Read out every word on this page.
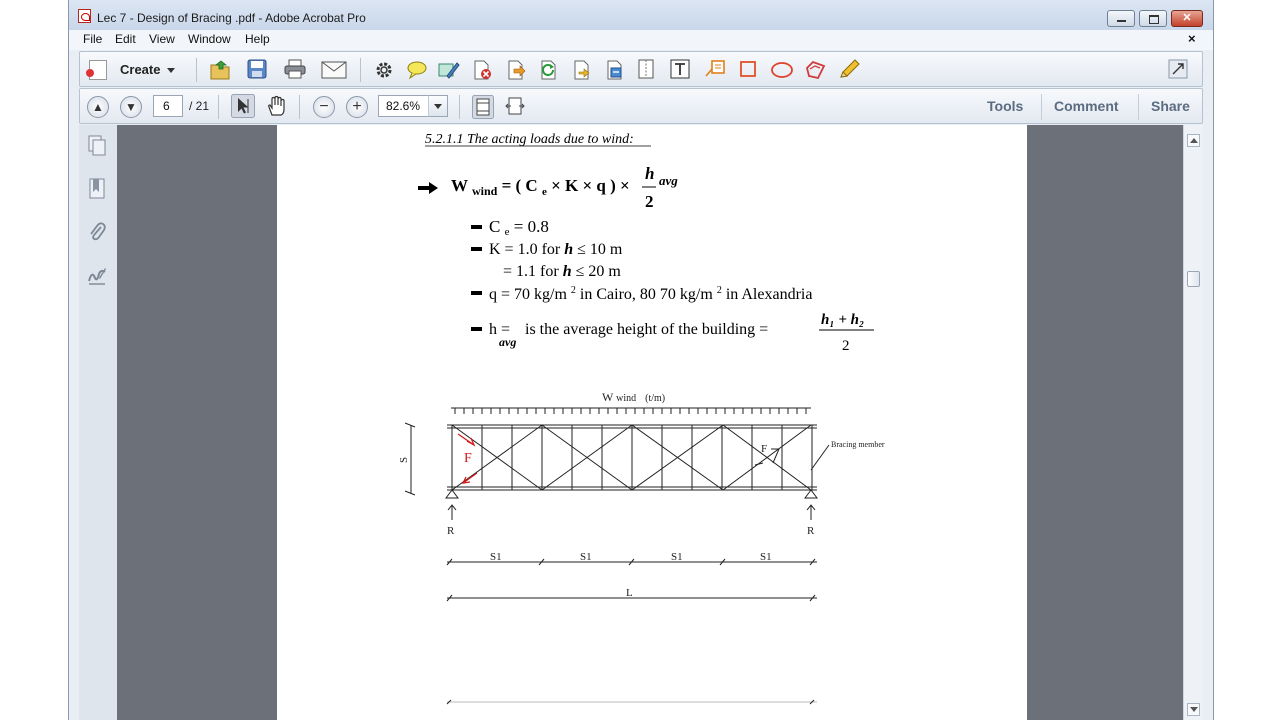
Lec 7 - Design of Bracing .pdf - Adobe Acrobat Pro
✕
File Edit View Window Help	×
Create
▲	▼	6	/ 21	−	+	82.6%	Tools Comment Share
5.2.1.1 The acting loads due to wind:
W $_{wind}$ = ( C $_e$ × K × q ) ×
h
2
avg
C e = 0.8
K = 1.0 for h ≤ 10 m
= 1.1 for h ≤ 20 m
q = 70 kg/m $^2$ in Cairo, 80 70 kg/m $^2$ in Alexandria
h =
avg
is the average height of the building =
h₁ + h₂
2
W wind (t/m)
S
R	R
F	Bracing member
S1	S1	S1	S1
L
F
